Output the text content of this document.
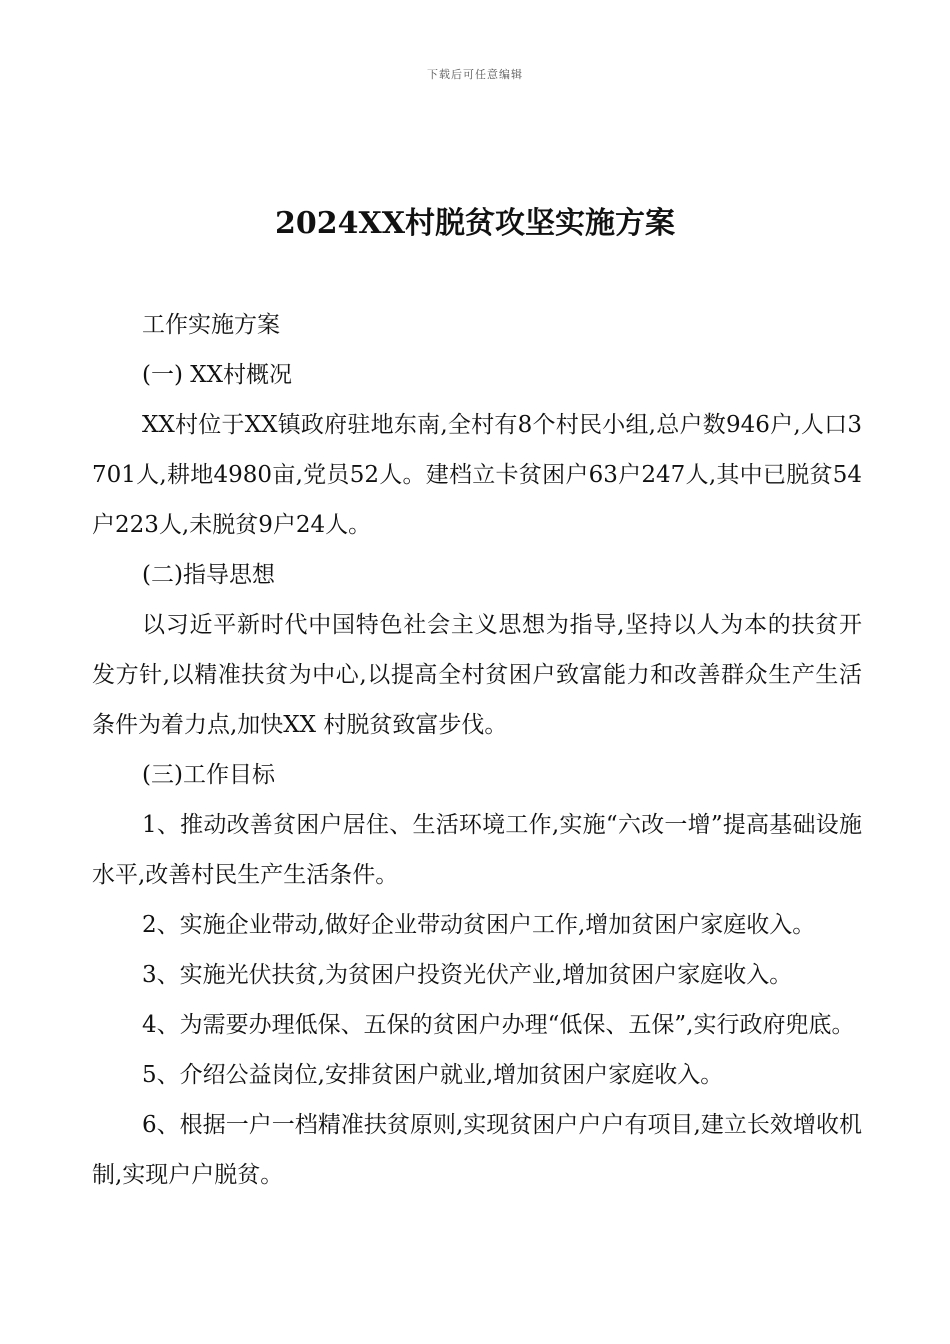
下载后可任意编辑
2024XX村脱贫攻坚实施方案

工作实施方案

(一) XX村概况

XX村位于XX镇政府驻地东南,全村有8个村民小组,总户数946户,人口3701人,耕地4980亩,党员52人。建档立卡贫困户63户247人,其中已脱贫54户223人,未脱贫9户24人。

(二)指导思想

以习近平新时代中国特色社会主义思想为指导,坚持以人为本的扶贫开发方针,以精准扶贫为中心,以提高全村贫困户致富能力和改善群众生产生活条件为着力点,加快XX 村脱贫致富步伐。

(三)工作目标

1、推动改善贫困户居住、生活环境工作,实施“六改一增”提高基础设施水平,改善村民生产生活条件。

2、实施企业带动,做好企业带动贫困户工作,增加贫困户家庭收入。

3、实施光伏扶贫,为贫困户投资光伏产业,增加贫困户家庭收入。

4、为需要办理低保、五保的贫困户办理“低保、五保”,实行政府兜底。

5、介绍公益岗位,安排贫困户就业,增加贫困户家庭收入。

6、根据一户一档精准扶贫原则,实现贫困户户户有项目,建立长效增收机制,实现户户脱贫。
